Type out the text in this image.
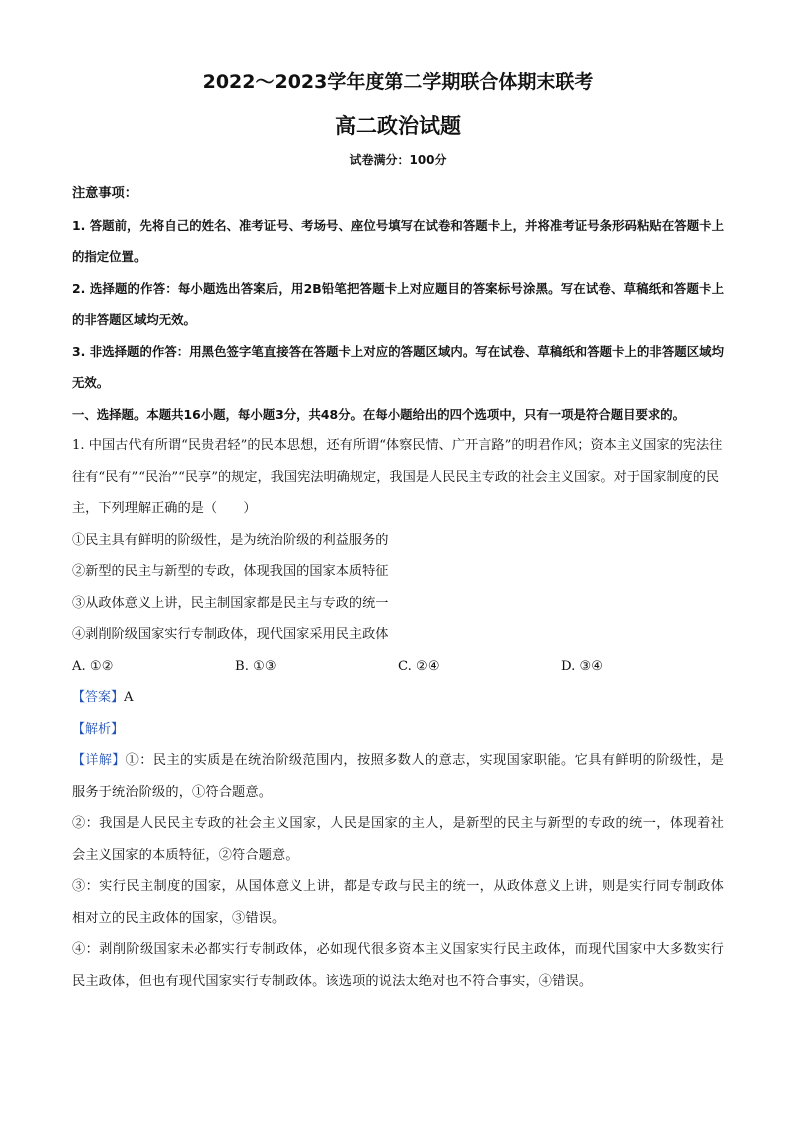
2022～2023学年度第二学期联合体期末联考
高二政治试题
试卷满分：100分
注意事项：
1. 答题前，先将自己的姓名、准考证号、考场号、座位号填写在试卷和答题卡上，并将准考证号条形码粘贴在答题卡上的指定位置。
2. 选择题的作答：每小题选出答案后，用2B铅笔把答题卡上对应题目的答案标号涂黑。写在试卷、草稿纸和答题卡上的非答题区域均无效。
3. 非选择题的作答：用黑色签字笔直接答在答题卡上对应的答题区域内。写在试卷、草稿纸和答题卡上的非答题区域均无效。
一、选择题。本题共16小题，每小题3分，共48分。在每小题给出的四个选项中，只有一项是符合题目要求的。
1. 中国古代有所谓“民贵君轻”的民本思想，还有所谓“体察民情、广开言路”的明君作风；资本主义国家的宪法往往有“民有”“民治”“民享”的规定，我国宪法明确规定，我国是人民民主专政的社会主义国家。对于国家制度的民主，下列理解正确的是（　　）
①民主具有鲜明的阶级性，是为统治阶级的利益服务的
②新型的民主与新型的专政，体现我国的国家本质特征
③从政体意义上讲，民主制国家都是民主与专政的统一
④剥削阶级国家实行专制政体，现代国家采用民主政体
A. ①②	B. ①③	C. ②④	D. ③④
【答案】A
【解析】
【详解】①：民主的实质是在统治阶级范围内，按照多数人的意志，实现国家职能。它具有鲜明的阶级性，是服务于统治阶级的，①符合题意。
②：我国是人民民主专政的社会主义国家，人民是国家的主人，是新型的民主与新型的专政的统一，体现着社会主义国家的本质特征，②符合题意。
③：实行民主制度的国家，从国体意义上讲，都是专政与民主的统一，从政体意义上讲，则是实行同专制政体相对立的民主政体的国家，③错误。
④：剥削阶级国家未必都实行专制政体，必如现代很多资本主义国家实行民主政体，而现代国家中大多数实行民主政体，但也有现代国家实行专制政体。该选项的说法太绝对也不符合事实，④错误。
